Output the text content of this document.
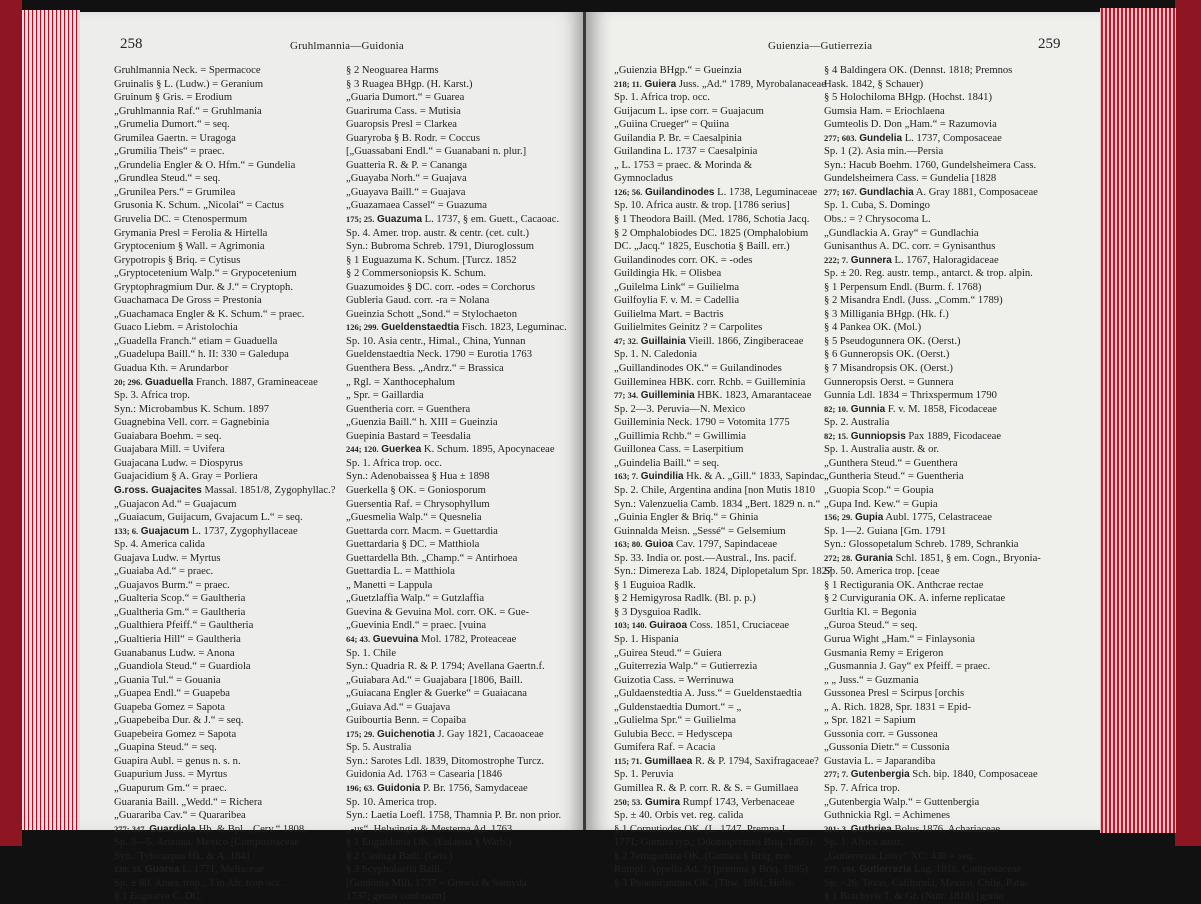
258	Gruhlmannia—Guidonia
Gruhlmannia Neck. = Spermacoce
Gruinalis § L. (Ludw.) = Geranium
Gruinum § Gris. = Erodium
„Gruhlmannia Raf.“ = Gruhlmania
„Grumelia Dumort.“ = seq.
Grumilea Gaertn. = Uragoga
„Grumilia Theis“ = praec.
„Grundelia Engler & O. Hfm.“ = Gundelia
„Grundlea Steud.“ = seq.
„Grunilea Pers.“ = Grumilea
Grusonia K. Schum. „Nicolai“ = Cactus
Gruvelia DC. = Ctenospermum
Grymania Presl = Ferolia & Hirtella
Gryptocenium § Wall. = Agrimonia
Grypotropis § Briq. = Cytisus
„Gryptocetenium Walp.“ = Grypocetenium
Gryptophragmium Dur. & J.“ = Cryptoph.
Guachamaca De Gross = Prestonia
„Guachamaca Engler & K. Schum.“ = praec.
Guaco Liebm. = Aristolochia
„Guadella Franch.“ etiam = Guaduella
„Guadelupa Baill.“ h. II: 330 = Galedupa
Guadua Kth. = Arundarbor
20; 296. Guaduella Franch. 1887, Gramineaceae
Sp. 3. Africa trop.
Syn.: Microbambus K. Schum. 1897
Guagnebina Vell. corr. = Gagnebinia
Guaiabara Boehm. = seq.
Guajabara Mill. = Uvifera
Guajacana Ludw. = Diospyrus
Guajacidium § A. Gray = Porliera
G.ross. Guajacites Massal. 1851/8, Zygophyllac.?
„Guajacon Ad.“ = Guajacum
„Guaiacum, Guijacum, Gvajacum L.“ = seq.
133; 6. Guajacum L. 1737, Zygophyllaceae
Sp. 4. America calida
Guajava Ludw. = Myrtus
„Guaiaba Ad.“ = praec.
„Guajavos Burm.“ = praec.
„Gualteria Scop.“ = Gaultheria
„Gualtheria Gm.“ = Gaultheria
„Gualthiera Pfeiff.“ = Gaultheria
„Gualtieria Hill“ = Gaultheria
Guanabanus Ludw. = Anona
„Guandiola Steud.“ = Guardiola
„Guania Tul.“ = Gouania
„Guapea Endl.“ = Guapeba
Guapeba Gomez = Sapota
„Guapebeiba Dur. & J.“ = seq.
Guapebeira Gomez = Sapota
„Guapina Steud.“ = seq.
Guapira Aubl. = genus n. s. n.
Guapurium Juss. = Myrtus
„Guapurum Gm.“ = praec.
Guarania Baill. „Wedd.“ = Richera
„Guarariba Cav.“ = Quararibea
277; 347. Guardiola Hb. & Bpl. „Cerv.“ 1808,
Sp. 3—5. Arizona, Mexico [Compositaceae
Syn.: Tylocarpus Hk. & A. 1841
138; 33. Guarea L. 1771, Meliaceae
Sp. ± 80. Amer. trop.; 3 in Afr. trop occ.
§ 1 Euguarea C. DC.
§ 2 Neoguarea Harms
§ 3 Ruagea BHgp. (H. Karst.)
„Guaria Dumort.“ = Guarea
Guariruma Cass. = Mutisia
Guaropsis Presl = Clarkea
Guaryroba § B. Rodr. = Coccus
[„Guassabani Endl.“ = Guanabani n. plur.]
Guatteria R. & P. = Cananga
„Guayaba Norh.“ = Guajava
„Guayava Baill.“ = Guajava
„Guazamaea Cassel“ = Guazuma
175; 25. Guazuma L. 1737, § em. Guett., Cacaoac.
Sp. 4. Amer. trop. austr. & centr. (cet. cult.)
Syn.: Bubroma Schreb. 1791, Diuroglossum
§ 1 Euguazuma K. Schum. [Turcz. 1852
§ 2 Commersoniopsis K. Schum.
Guazumoides § DC. corr. -odes = Corchorus
Gubleria Gaud. corr. -ra = Nolana
Gueinzia Schott „Sond.“ = Stylochaeton
126; 299. Gueldenstaedtia Fisch. 1823, Leguminac.
Sp. 10. Asia centr., Himal., China, Yunnan
Gueldenstaedtia Neck. 1790 = Eurotia 1763
Guenthera Bess. „Andrz.“ = Brassica
„ Rgl. = Xanthocephalum
„ Spr. = Gaillardia
Guentheria corr. = Guenthera
„Guenzia Baill.“ h. XIII = Gueinzia
Guepinia Bastard = Teesdalia
244; 120. Guerkea K. Schum. 1895, Apocynaceae
Sp. 1. Africa trop. occ.
Syn.: Adenobaissea § Hua ± 1898
Guerkella § OK. = Goniosporum
Guersentia Raf. = Chrysophyllum
„Guesmelia Walp.“ = Quesnelia
Guettarda corr. Macm. = Guettardia
Guettardaria § DC. = Matthiola
Guettardella Bth. „Champ.“ = Antirhoea
Guettardia L. = Matthiola
„ Manetti = Lappula
„Guetzlaffia Walp.“ = Gutzlaffia
Guevina & Gevuina Mol. corr. OK. = Gue-
„Guevinia Endl.“ = praec. [vuina
64; 43. Guevuina Mol. 1782, Proteaceae
Sp. 1. Chile
Syn.: Quadria R. & P. 1794; Avellana Gaertn.f.
„Guiabara Ad.“ = Guajabara [1806, Baill.
„Guiacana Engler & Guerke“ = Guaiacana
„Guiava Ad.“ = Guajava
Guibourtia Benn. = Copaiba
175; 29. Guichenotia J. Gay 1821, Cacaoaceae
Sp. 5. Australia
Syn.: Sarotes Ldl. 1839, Ditomostrophe Turcz.
Guidonia Ad. 1763 = Casearia [1846
196; 63. Guidonia P. Br. 1756, Samydaceae
Sp. 10. America trop.
Syn.: Laetia Loefl. 1758, Thamnia P. Br. non prior.
„-us“, Helwingia & Mesterna Ad. 1763
§ 1 Euguidonia OK. (Eulaetia § Warb.)
§ 2 Casinga Baill. (Gris.)
§ 3 Scypholaetia Baill.
[Guidonia Mill. 1737 = Grewia & Samyda
1737; genus confusum]
259
Guienzia—Gutierrezia
„Guienzia BHgp.“ = Gueinzia
218; 11. Guiera Juss. „Ad.“ 1789, Myrobalanaceae
Sp. 1. Africa trop. occ.
Guijacum L. ipse corr. = Guajacum
„Guiina Crueger“ = Quiina
Guilandia P. Br. = Caesalpinia
Guilandina L. 1737 = Caesalpinia
„ L. 1753 = praec. & Morinda &
Gymnocladus
126; 56. Guilandinodes L. 1738, Leguminaceae
Sp. 10. Africa austr. & trop. [1786 serius]
§ 1 Theodora Baill. (Med. 1786, Schotia Jacq.
§ 2 Omphalobiodes DC. 1825 (Omphalobium
DC. „Jacq.“ 1825, Euschotia § Baill. err.)
Guilandinodes corr. OK. = -odes
Guildingia Hk. = Olisbea
„Guilelma Link“ = Guilielma
Guilfoylia F. v. M. = Cadellia
Guilielma Mart. = Bactris
Guilielmites Geinitz ? = Carpolites
47; 32. Guillainia Vieill. 1866, Zingiberaceae
Sp. 1. N. Caledonia
„Guillandinodes OK.“ = Guilandinodes
Guilleminea HBK. corr. Rchb. = Guilleminia
77; 34. Guilleminia HBK. 1823, Amarantaceae
Sp. 2—3. Peruvia—N. Mexico
Guilleminia Neck. 1790 = Votomita 1775
„Guillimia Rchb.“ = Gwillimia
Guilloneа Cass. = Laserpitium
„Guindelia Baill.“ = seq.
163; 7. Guindilia Hk. & A. „Gill.“ 1833, Sapindac.
Sp. 2. Chile, Argentina andina [non Mutis 1810
Syn.: Valenzuelia Camb. 1834 „Bert. 1829 n. n.“
„Guinia Engler & Briq.“ = Ghinia
Guinnalda Meisn. „Sessé“ = Gelsemium
163; 80. Guioa Cav. 1797, Sapindaceae
Sp. 33. India or. post.—Austral., Ins. pacif.
Syn.: Dimereza Lab. 1824, Diplopetalum Spr. 1827
§ 1 Euguioa Radlk.
§ 2 Hemigyrosa Radlk. (Bl. p. p.)
§ 3 Dysguioa Radlk.
103; 140. Guiraoa Coss. 1851, Cruciaceae
Sp. 1. Hispania
„Guirea Steud.“ = Guiera
„Guiterrezia Walp.“ = Gutierrezia
Guizotia Cass. = Werrinuwa
„Guldaenstedtia A. Juss.“ = Gueldenstaedtia
„Guldenstaedtia Dumort.“ = „
„Gulielma Spr.“ = Guilielma
Gulubia Becc. = Hedyscepa
Gumifera Raf. = Acacia
115; 71. Gumillaea R. & P. 1794, Saxifragaceae?
Sp. 1. Peruvia
Gumillea R. & P. corr. R. & S. = Gumillaea
250; 53. Gumira Rumpf 1743, Verbenaceae
Sp. ± 40. Orbis vet. reg. calida
§ 1 Cornutiodes OK. (L. 1747, Premna L.
1771; Gumira typ.; Odontopremna Briq. 1895)
§ 2 Tetragumira OK. (Gumira § Briq. non
Rumpf; Appella Ad. ?) [premna § Briq. 1895)
§ 3 Phoenicanthus OK. (Thw. 1861; Holo-
§ 4 Baldingera OK. (Dennst. 1818; Premnos
Hask. 1842, § Schauer)
§ 5 Holochiloma BHgp. (Hochst. 1841)
Gumsia Ham. = Eriochlaena
Gumteolis D. Don „Ham.“ = Razumovia
277; 603. Gundelia L. 1737, Composaceae
Sp. 1 (2). Asia min.—Persia
Syn.: Hacub Boehm. 1760, Gundelsheimera Cass.
Gundelsheimera Cass. = Gundelia [1828
277; 167. Gundlachia A. Gray 1881, Composaceae
Sp. 1. Cuba, S. Domingo
Obs.: = ? Chrysocoma L.
„Gundlackia A. Gray“ = Gundlachia
Gunisanthus A. DC. corr. = Gynisanthus
222; 7. Gunnera L. 1767, Haloragidaceae
Sp. ± 20. Reg. austr. temp., antarct. & trop. alpin.
§ 1 Perpensum Endl. (Burm. f. 1768)
§ 2 Misandra Endl. (Juss. „Comm.“ 1789)
§ 3 Milligania BHgp. (Hk. f.)
§ 4 Pankea OK. (Mol.)
§ 5 Pseudogunnera OK. (Oerst.)
§ 6 Gunneropsis OK. (Oerst.)
§ 7 Misandropsis OK. (Oerst.)
Gunneropsis Oerst. = Gunnera
Gunnia Ldl. 1834 = Thrixspermum 1790
82; 10. Gunnia F. v. M. 1858, Ficodaceae
Sp. 2. Australia
82; 15. Gunniopsis Pax 1889, Ficodaceae
Sp. 1. Australia austr. & or.
„Gunthera Steud.“ = Guenthera
„Guntheria Steud.“ = Guentheria
„Guopia Scop.“ = Goupia
„Gupa Ind. Kew.“ = Gupia
156; 29. Gupia Aubl. 1775, Celastraceae
Sp. 1—2. Guiana [Gm. 1791
Syn.: Glossopetalum Schreb. 1789, Schrankia
272; 28. Gurania Schl. 1851, § em. Cogn., Bryonia-
Sp. 50. America trop. [ceae
§ 1 Rectigurania OK. Anthcrae rectae
§ 2 Curvigurania OK. A. inferne replicatae
Gurltia Kl. = Begonia
„Guroa Steud.“ = seq.
Gurua Wight „Ham.“ = Finlaysonia
Gusmania Remy = Erigeron
„Gusmannia J. Gay“ ex Pfeiff. = praec.
„ „ Juss.“ = Guzmania
Gussonea Presl = Scirpus [orchis
„ A. Rich. 1828, Spr. 1831 = Epid-
„ Spr. 1821 = Sapium
Gussonia corr. = Gussonea
„Gussonia Dietr.“ = Cussonia
Gustavia L. = Japarandiba
277; 7. Gutenbergia Sch. bip. 1840, Composaceae
Sp. 7. Africa trop.
„Gutenbergia Walp.“ = Guttenbergia
Guthnickia Rgl. = Achimenes
201; 3. Guthriea Bolus 1876, Achariaceae
Sp. 1. Africa austr.
„Gutierrezia Lotsy“ XC: 430 = seq.
277; 104. Gutierrezia Lag. 1816, Composaceae
Sp. ~26. Texas, California, Mexico, Chile, Pata-
§ 1 Brachyris T. & Gr. (Nutt. 1818) [gonia
